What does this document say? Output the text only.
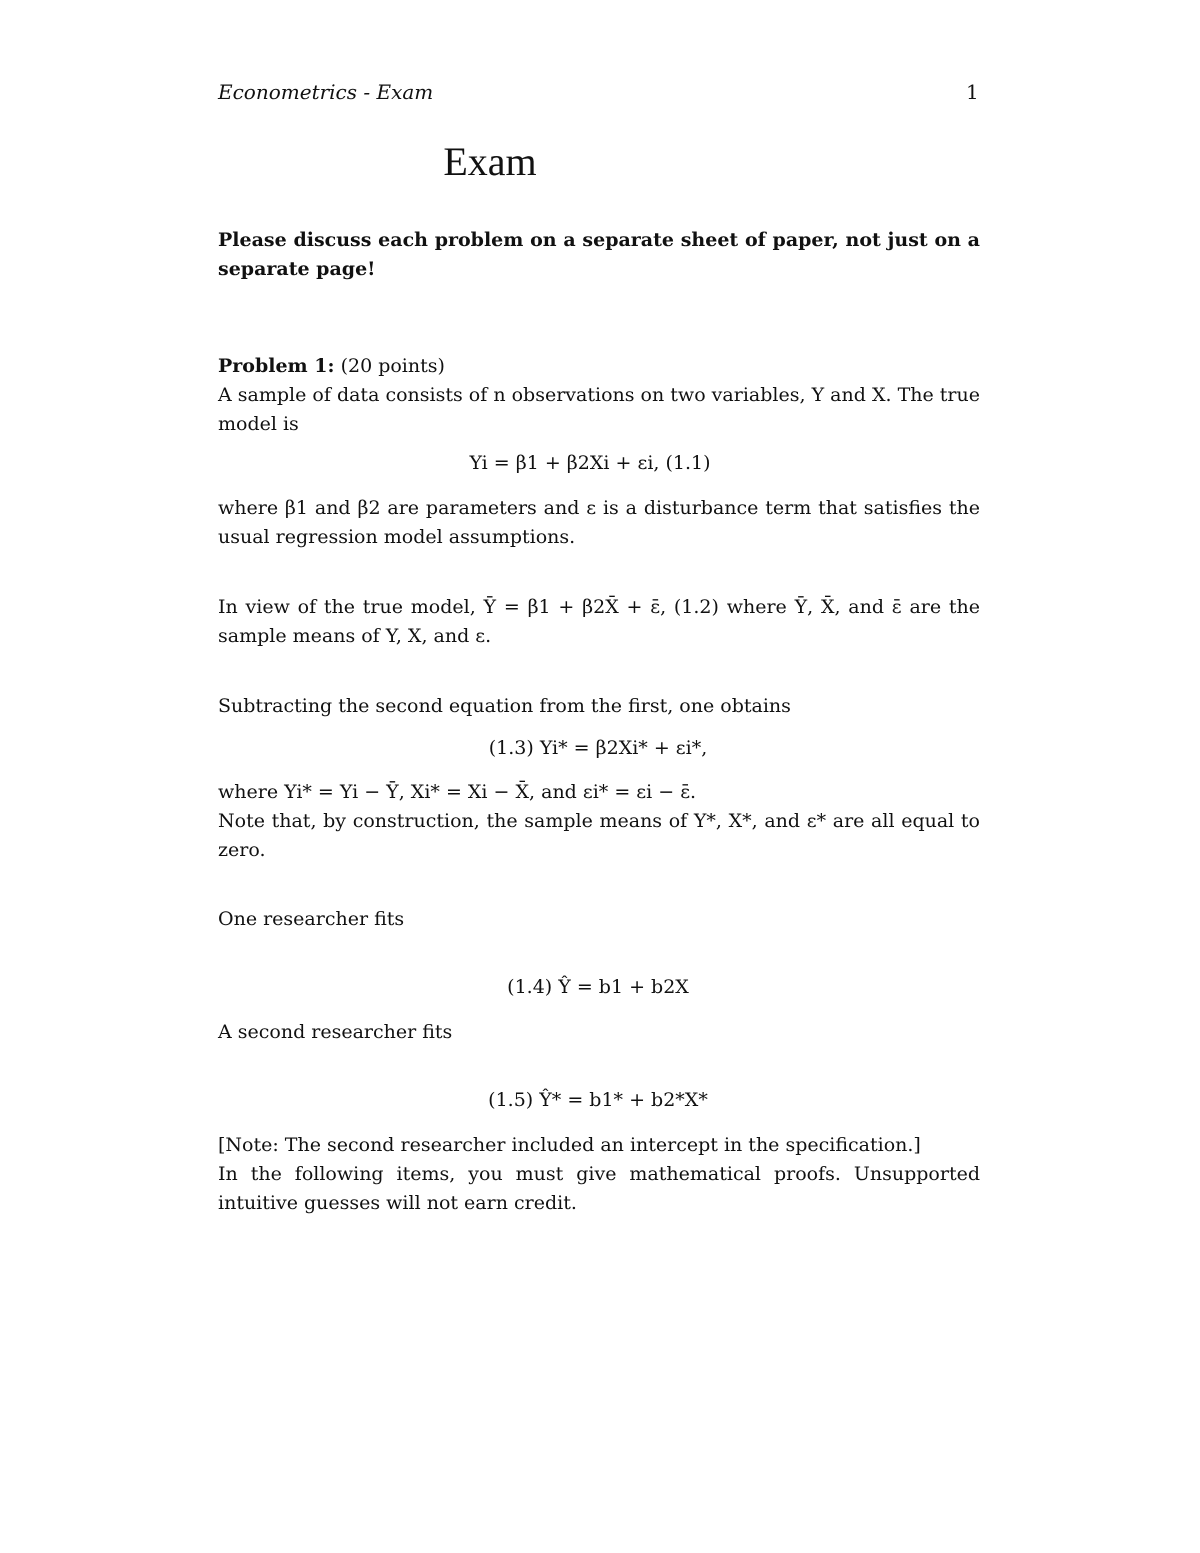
Econometrics - Exam	1
Exam
Please discuss each problem on a separate sheet of paper, not just on a separate page!
Problem 1: (20 points)
A sample of data consists of n observations on two variables, Y and X. The true model is
Yi = β1 + β2Xi + εi, (1.1)
where β1 and β2 are parameters and ε is a disturbance term that satisfies the usual regression model assumptions.
In view of the true model, Ȳ = β1 + β2X̄ + ε̄, (1.2) where Ȳ, X̄, and ε̄ are the sample means of Y, X, and ε.
Subtracting the second equation from the first, one obtains
(1.3) Yi* = β2Xi* + εi*,
where Yi* = Yi − Ȳ, Xi* = Xi − X̄, and εi* = εi − ε̄.
Note that, by construction, the sample means of Y*, X*, and ε* are all equal to zero.
One researcher fits
(1.4) Ŷ = b1 + b2X
A second researcher fits
(1.5) Ŷ* = b1* + b2*X*
[Note: The second researcher included an intercept in the specification.]
In the following items, you must give mathematical proofs. Unsupported intuitive guesses will not earn credit.
